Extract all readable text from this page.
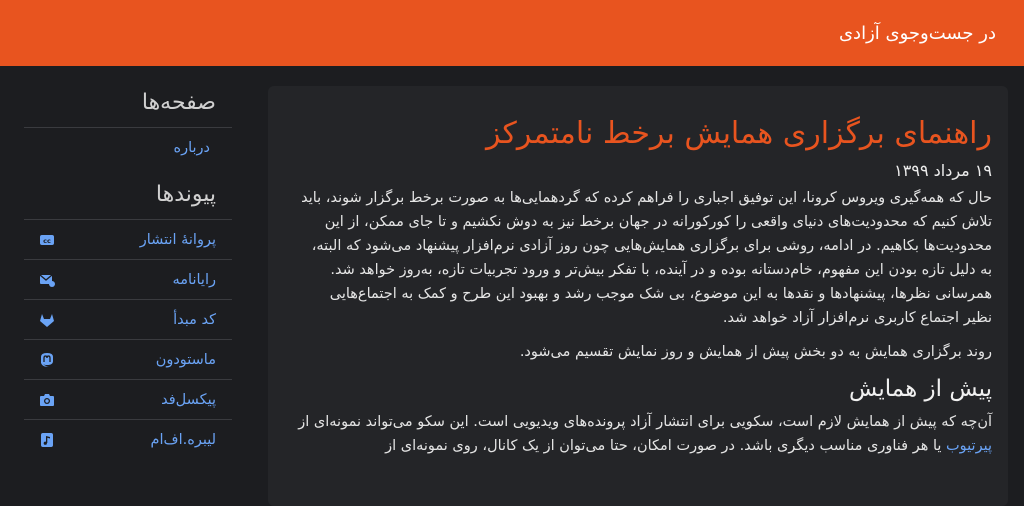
در جست‌وجوی آزادی
راهنمای برگزاری همایش برخط نامتمرکز
۱۹ مرداد ۱۳۹۹

حال که همه‌گیری ویروس کرونا، این توفیق اجباری را فراهم کرده که گردهمایی‌ها به صورت برخط برگزار شوند، باید تلاش کنیم که محدودیت‌های دنیای واقعی را کورکورانه در جهان برخط نیز به دوش نکشیم و تا جای ممکن، از این محدودیت‌ها بکاهیم. در ادامه، روشی برای برگزاری همایش‌هایی چون روز آزادی نرم‌افزار پیشنهاد می‌شود که البته، به دلیل تازه بودن این مفهوم، خام‌دستانه بوده و در آینده، با تفکر بیش‌تر و ورود تجربیات تازه، به‌روز خواهد شد. همرسانی نظرها، پیشنهادها و نقدها به این موضوع، بی شک موجب رشد و بهبود این طرح و کمک به اجتماع‌هایی نظیر اجتماع کاربری نرم‌افزار آزاد خواهد شد.

روند برگزاری همایش به دو بخش پیش از همایش و روز نمایش تقسیم می‌شود.

پیش از همایش

آن‌چه که پیش از همایش لازم است، سکویی برای انتشار آزاد پرونده‌های ویدیویی است. این سکو می‌تواند نمونه‌ای از پیرتیوب یا هر فناوری مناسب دیگری باشد. در صورت امکان، حتا می‌توان از یک کانال، روی نمونه‌ای از

صفحه‌ها
درباره
پیوندها
پروانهٔ انتشار
cc
رایانامه
کد مبدأ
ماستودون
پیکسل‌فد
لیبره.اف‌ام
